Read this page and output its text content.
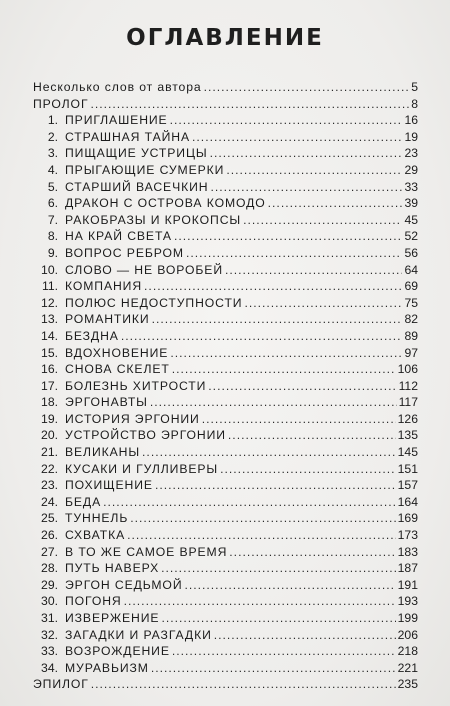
ОГЛАВЛЕНИЕ
Несколько слов от автора .....	5
ПРОЛОГ .....	8
1. ПРИГЛАШЕНИЕ .....	16
2. СТРАШНАЯ ТАЙНА .....	19
3. ПИЩАЩИЕ УСТРИЦЫ .....	23
4. ПРЫГАЮЩИЕ СУМЕРКИ .....	29
5. СТАРШИЙ ВАСЕЧКИН .....	33
6. ДРАКОН С ОСТРОВА КОМОДО .....	39
7. РАКОБРАЗЫ И КРОКОПСЫ .....	45
8. НА КРАЙ СВЕТА .....	52
9. ВОПРОС РЕБРОМ .....	56
10. СЛОВО — НЕ ВОРОБЕЙ .....	64
11. КОМПАНИЯ .....	69
12. ПОЛЮС НЕДОСТУПНОСТИ .....	75
13. РОМАНТИКИ .....	82
14. БЕЗДНА .....	89
15. ВДОХНОВЕНИЕ .....	97
16. СНОВА СКЕЛЕТ .....	106
17. БОЛЕЗНЬ ХИТРОСТИ .....	112
18. ЭРГОНАВТЫ .....	117
19. ИСТОРИЯ ЭРГОНИИ .....	126
20. УСТРОЙСТВО ЭРГОНИИ .....	135
21. ВЕЛИКАНЫ .....	145
22. КУСАКИ И ГУЛЛИВЕРЫ .....	151
23. ПОХИЩЕНИЕ .....	157
24. БЕДА .....	164
25. ТУННЕЛЬ .....	169
26. СХВАТКА .....	173
27. В ТО ЖЕ САМОЕ ВРЕМЯ .....	183
28. ПУТЬ НАВЕРХ .....	187
29. ЭРГОН СЕДЬМОЙ .....	191
30. ПОГОНЯ .....	193
31. ИЗВЕРЖЕНИЕ .....	199
32. ЗАГАДКИ И РАЗГАДКИ .....	206
33. ВОЗРОЖДЕНИЕ .....	218
34. МУРАВЬИЗМ .....	221
ЭПИЛОГ .....	235
